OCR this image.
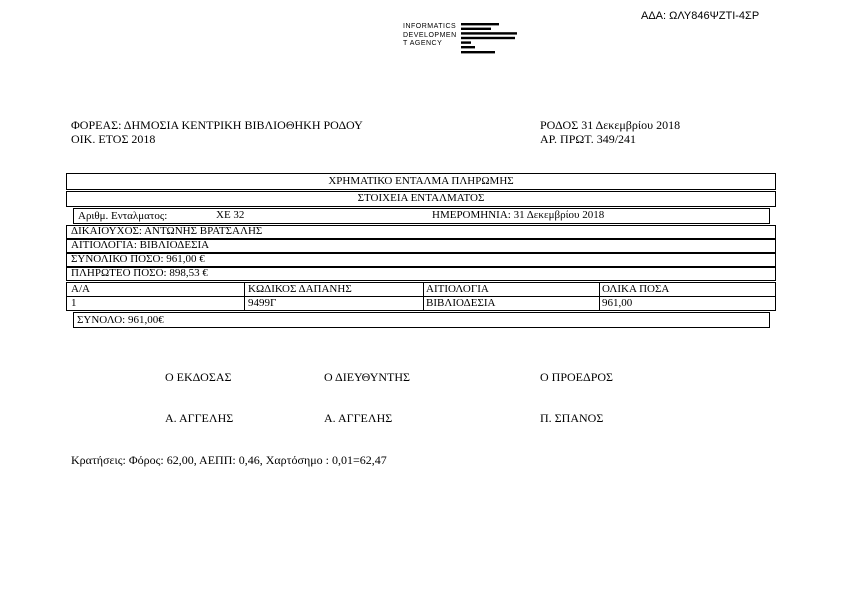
ΑΔΑ: ΩΛΥ846ΨΖΤΙ-4ΣΡ
INFORMATICS
DEVELOPMEN
T AGENCY
ΦΟΡΕΑΣ: ΔΗΜΟΣΙΑ ΚΕΝΤΡΙΚΗ ΒΙΒΛΙΟΘΗΚΗ ΡΟΔΟΥ
ΟΙΚ. ΕΤΟΣ 2018
ΡΟΔΟΣ 31 Δεκεμβρίου 2018
ΑΡ. ΠΡΩΤ. 349/241
ΧΡΗΜΑΤΙΚΟ ΕΝΤΑΛΜΑ ΠΛΗΡΩΜΗΣ
ΣΤΟΙΧΕΙΑ ΕΝΤΑΛΜΑΤΟΣ
Αριθμ. Ενταλματος:	ΧΕ 32	ΗΜΕΡΟΜΗΝΙΑ: 31 Δεκεμβρίου 2018
ΔΙΚΑΙΟΥΧΟΣ: ΑΝΤΩΝΗΣ ΒΡΑΤΣΑΛΗΣ
ΑΙΤΙΟΛΟΓΙΑ: ΒΙΒΛΙΟΔΕΣΙΑ
ΣΥΝΟΛΙΚΟ ΠΟΣΟ: 961,00 €
ΠΛΗΡΩΤΕΟ ΠΟΣΟ: 898,53 €
Α/Α	ΚΩΔΙΚΟΣ ΔΑΠΑΝΗΣ	ΑΙΤΙΟΛΟΓΙΑ	ΟΛΙΚΑ ΠΟΣΑ
1	9499Γ	ΒΙΒΛΙΟΔΕΣΙΑ	961,00
ΣΥΝΟΛΟ: 961,00€
Ο ΕΚΔΟΣΑΣ	Ο ΔΙΕΥΘΥΝΤΗΣ	Ο ΠΡΟΕΔΡΟΣ
Α. ΑΓΓΕΛΗΣ	Α. ΑΓΓΕΛΗΣ	Π. ΣΠΑΝΟΣ
Κρατήσεις: Φόρος: 62,00, ΑΕΠΠ: 0,46, Χαρτόσημο : 0,01=62,47
